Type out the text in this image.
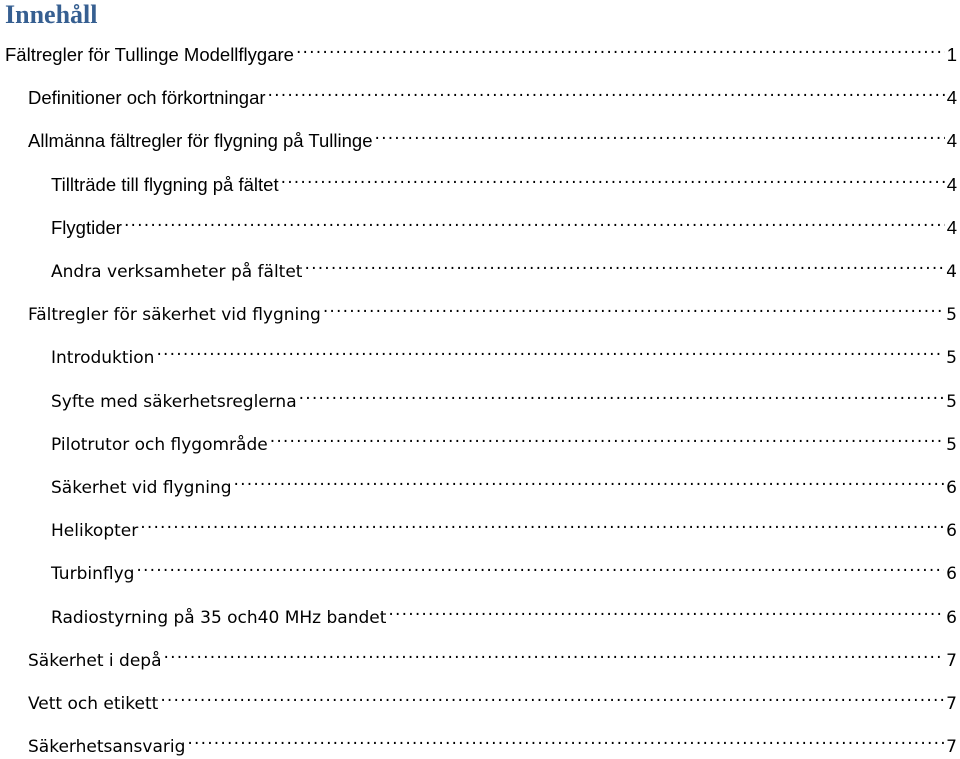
Innehåll
Fältregler för Tullinge Modellflygare .....	1
Definitioner och förkortningar .....	4
Allmänna fältregler för flygning på Tullinge .....	4
Tillträde till flygning på fältet .....	4
Flygtider .....	4
Andra verksamheter på fältet .....	4
Fältregler för säkerhet vid flygning .....	5
Introduktion .....	5
Syfte med säkerhetsreglerna .....	5
Pilotrutor och flygområde .....	5
Säkerhet vid flygning .....	6
Helikopter .....	6
Turbinflyg .....	6
Radiostyrning på 35 och40 MHz bandet .....	6
Säkerhet i depå .....	7
Vett och etikett .....	7
Säkerhetsansvarig .....	7
